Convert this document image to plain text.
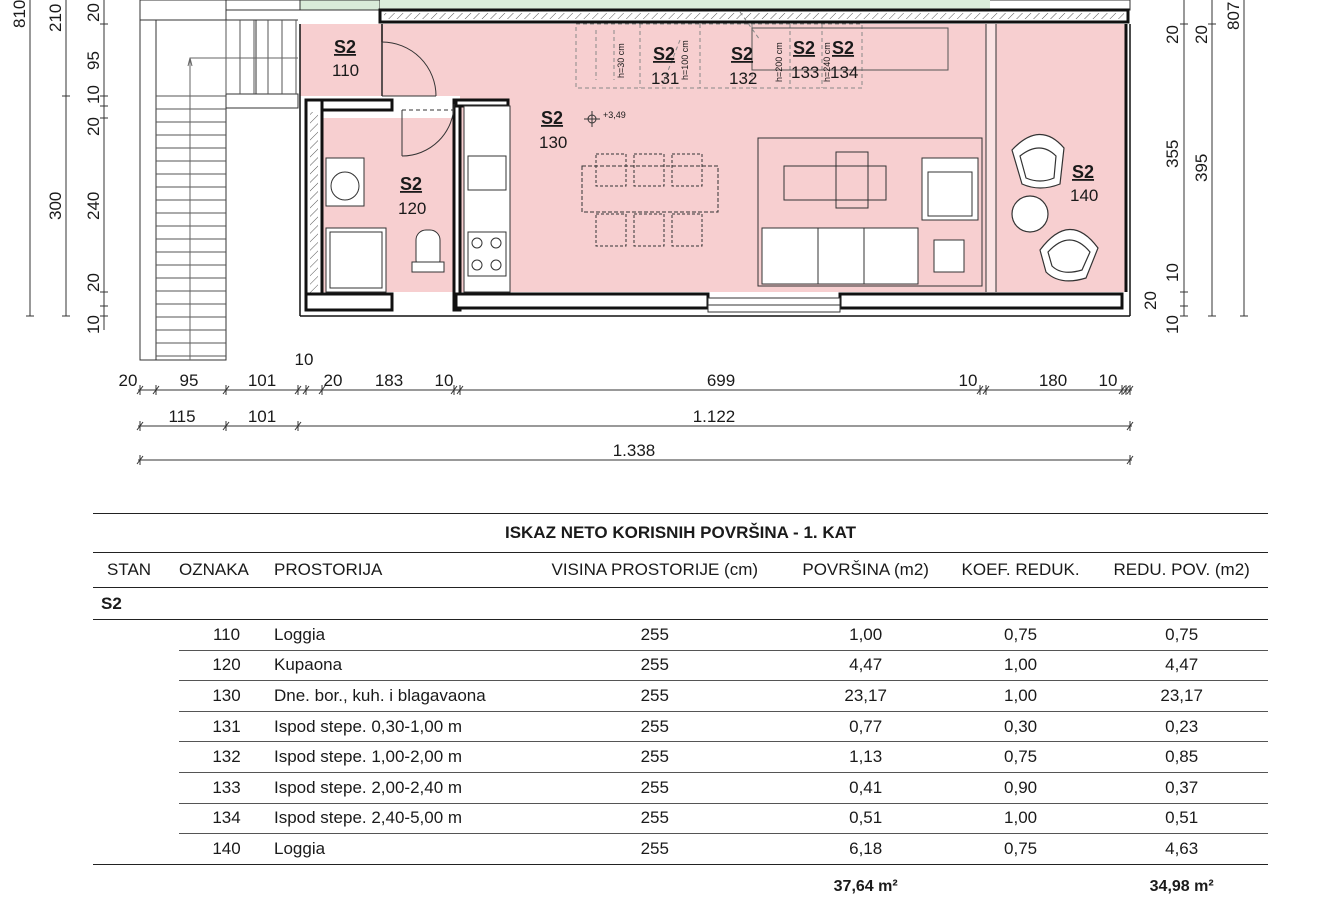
h=30 cm	h=100 cm	h=200 cm	h=240 cm
+3,49
S2
110
S2
120
S2
130
S2
131
S2
132
S2
133
S2
134
S2
140
810 210
300
20
95
10
20
240
20
10
20
355
10
20
10
20
395
807
20 95	101
10
20 183 10	699	10	180 10
115	101	1.122
1.338
ISKAZ NETO KORISNIH POVRŠINA - 1. KAT						
STAN	OZNAKA	PROSTORIJA	VISINA PROSTORIJE (cm)	POVRŠINA (m2)	KOEF. REDUK.	REDU. POV. (m2)
S2						
	110	Loggia	255	1,00	0,75	0,75
	120	Kupaona	255	4,47	1,00	4,47
	130	Dne. bor., kuh. i blagavaona	255	23,17	1,00	23,17
	131	Ispod stepe. 0,30-1,00 m	255	0,77	0,30	0,23
	132	Ispod stepe. 1,00-2,00 m	255	1,13	0,75	0,85
	133	Ispod stepe. 2,00-2,40 m	255	0,41	0,90	0,37
	134	Ispod stepe. 2,40-5,00 m	255	0,51	1,00	0,51
	140	Loggia	255	6,18	0,75	4,63
				37,64 m²		34,98 m²
